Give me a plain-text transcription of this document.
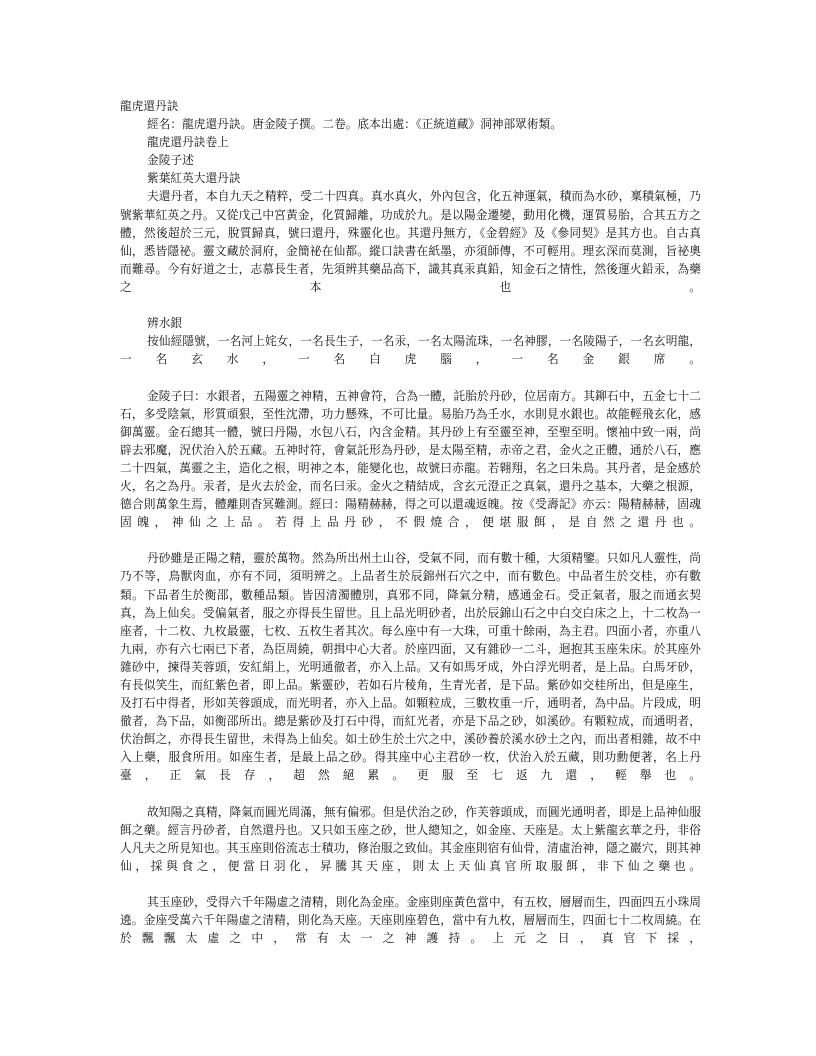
龍虎還丹訣

經名：龍虎還丹訣。唐金陵子撰。二卷。底本出處：《正統道藏》洞神部眾術類。

龍虎還丹訣卷上

金陵子述

紫葉紅英大還丹訣

夫還丹者，本自九天之精粹，受二十四真。真水真火，外內包含，化五神運氣，積而為水砂，稟積氣極，乃號紫華紅英之丹。又從戊己中宮黃金，化質歸離，功成於九。是以陽金遷變，動用化機，運質易胎，合其五方之體，然後超於三元，脫質歸真，號曰還丹，殊靈化也。其還丹無方，《金碧經》及《參同契》是其方也。自古真仙，悉皆隱祕。靈文藏於洞府，金簡祕在仙都。縱口訣書在紙墨，亦須師傳，不可輕用。理玄深而莫測，旨祕奧而難尋。今有好道之士，志慕長生者，先須辨其藥品高下，識其真汞真鉛，知金石之情性，然後運火鉛汞，為藥之本也。

辨水銀

按仙經隱號，一名河上姹女，一名長生子，一名汞，一名太陽流珠，一名神膠，一名陵陽子，一名玄明龍，一名玄水，一名白虎腦，一名金銀席。

金陵子曰：水銀者，五陽靈之神精，五神會符，合為一體，託胎於丹砂，位居南方。其鉚石中，五金七十二石，多受陰氣，形質頑狠，至性沈滯，功力懸殊，不可比量。易胎乃為壬水，水則見水銀也。故能輕飛玄化，感御萬靈。金石總其一體，號曰丹陽，水包八石，內含金精。其丹砂上有至靈至神，至聖至明。懷袖中致一兩，尚辟去邪魔，況伏治入於五藏。五神时符，會氣託形為丹砂，是太陽至精，赤帝之君，金火之正體，通於八石，應二十四氣，萬靈之主，造化之根，明神之本，能變化也，故號曰赤龍。若翱翔，名之曰朱鳥。其丹者，是金感於火，名之為丹。汞者，是火去於金，而名曰汞。金火之精結成，含玄元澄正之真氣，還丹之基本，大藥之根源，德合則萬象生焉，體離則杳冥難測。經曰：陽精赫赫，得之可以還魂返魄。按《受壽記》亦云：陽精赫赫，固魂固魄，神仙之上品。若得上品丹砂，不假燒合，便堪服餌，是自然之還丹也。

丹砂雖是正陽之精，靈於萬物。然為所出州土山谷，受氣不同，而有數十種，大須精鑒。只如凡人靈性，尚乃不等，鳥獸肉血，亦有不同，須明辨之。上品者生於辰錦州石穴之中，而有數色。中品者生於交桂，亦有數類。下品者生於衡邵，數種品類。皆因清濁體別，真邪不同，降氣分精，感通金石。受正氣者，服之而通玄契真，為上仙矣。受偏氣者，服之亦得長生留世。且上品光明砂者，出於辰錦山石之中白交白床之上，十二枚為一座者，十二枚、九枚最靈，七枚、五枚生者其次。每么座中有一大珠，可重十餘兩，為主君。四面小者，亦重八九兩，亦有六七兩已下者，為臣周繞，朝揖中心大者。於座四面，又有雜砂一二斗，迴抱其玉座朱床。於其座外雜砂中，揀得芙蓉頭，安紅絹上，光明通徹者，亦入上品。又有如馬牙成，外白浮光明者，是上品。白馬牙砂，有長似笑生，而紅紫色者，即上品。紫靈砂，若如石片稜角，生青光者，是下品。紫砂如交桂所出，但是座生，及打石中得者，形如芙蓉頭成，而光明者，亦入上品。如顆粒成，三數枚重一斤，通明者，為中品。片段成，明徹者，為下品，如衡邵所出。總是紫砂及打石中得，而紅光者，亦是下品之砂，如溪砂。有顆粒成，而通明者，伏治餌之，亦得長生留世，未得為上仙矣。如土砂生於土穴之中，溪砂養於溪水砂土之內，而出者相雜，故不中入上藥，服食所用。如座生者，是最上品之砂。得其座中心主君砂一枚，伏治入於五藏，則功勳便著，名上丹臺，正氣長存，超然絕累。更服至七返九還，輕舉也。

故知陽之真精，降氣而圓光周滿，無有偏邪。但是伏治之砂，作芙蓉頭成，而圓光通明者，即是上品神仙服餌之藥。經言丹砂者，自然還丹也。又只如玉座之砂，世人總知之，如金座、天座是。太上紫龍玄華之丹，非俗人凡夫之所見知也。其玉座則俗流志士積功，修治服之致仙。其金座則宿有仙骨，清虛治神，隱之巖穴，則其神仙，採與食之，便當日羽化，昇騰其天座，則太上天仙真官所取服餌，非下仙之藥也。

其玉座砂，受得六千年陽虛之清精，則化為金座。金座則座黃色當中，有五枚，層層而生，四面四五小珠周遶。金座受萬六千年陽虛之清精，則化為天座。天座則座碧色，當中有九枚，層層而生，四面七十二枚周繞。在於飄飄太虛之中，常有太一之神護持。上元之日，真官下採，
